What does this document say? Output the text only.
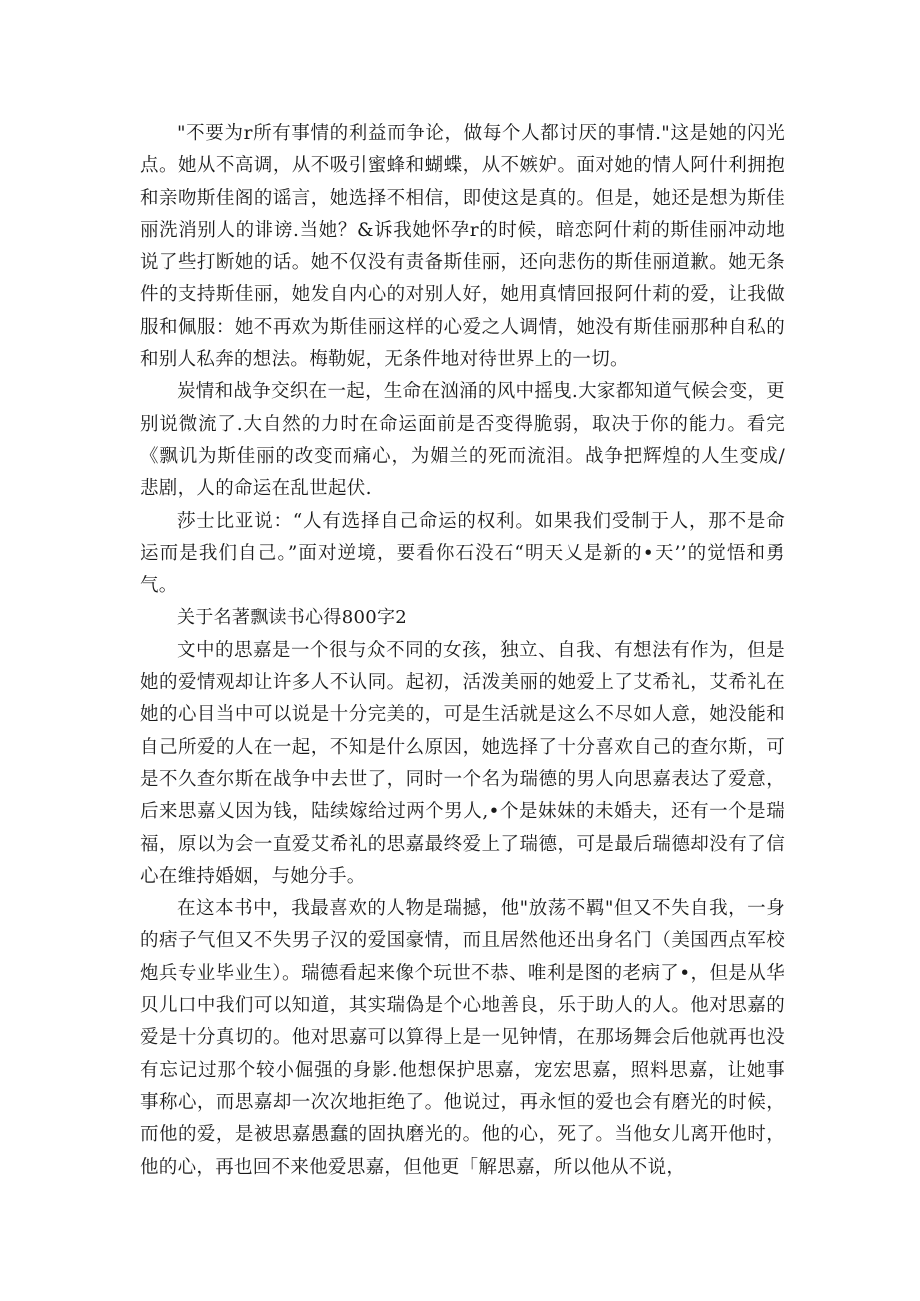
"不要为r所有事情的利益而争论，做每个人都讨厌的事情."这是她的闪光点。她从不高调，从不吸引蜜蜂和蝴蝶，从不嫉妒。面对她的情人阿什利拥抱和亲吻斯佳阁的谣言，她选择不相信，即使这是真的。但是，她还是想为斯佳丽洗消别人的诽谤.当她？&诉我她怀孕r的时候，暗恋阿什莉的斯佳丽冲动地说了些打断她的话。她不仅没有责备斯佳丽，还向悲伤的斯佳丽道歉。她无条件的支持斯佳丽，她发自内心的对别人好，她用真情回报阿什莉的爱，让我做服和佩服：她不再欢为斯佳丽这样的心爱之人调情，她没有斯佳丽那种自私的和别人私奔的想法。梅勒妮，无条件地对待世界上的一切。

炭情和战争交织在一起，生命在汹涌的风中摇曳.大家都知道气候会变，更别说微流了.大自然的力时在命运面前是否变得脆弱，取决于你的能力。看完《飘讥为斯佳丽的改变而痛心，为媚兰的死而流泪。战争把辉煌的人生变成/悲剧，人的命运在乱世起伏.

莎士比亚说：“人有选择自己命运的权利。如果我们受制于人，那不是命运而是我们自己。”面对逆境，要看你石没石“明天乂是新的•天’’的觉悟和勇气。

关于名著飘读书心得800字2

文中的思嘉是一个很与众不同的女孩，独立、自我、有想法有作为，但是她的爱情观却让许多人不认同。起初，活泼美丽的她爱上了艾希礼，艾希礼在她的心目当中可以说是十分完美的，可是生活就是这么不尽如人意，她没能和自己所爱的人在一起，不知是什么原因，她选择了十分喜欢自己的查尔斯，可是不久查尔斯在战争中去世了，同时一个名为瑞德的男人向思嘉表达了爱意，后来思嘉乂因为钱，陆续嫁给过两个男人,•个是妹妹的未婚夫，还有一个是瑞福，原以为会一直爱艾希礼的思嘉最终爱上了瑞德，可是最后瑞德却没有了信心在维持婚姻，与她分手。

在这本书中，我最喜欢的人物是瑞撼，他"放荡不羁"但又不失自我，一身的痞子气但又不失男子汉的爱国豪情，而且居然他还出身名门（美国西点军校炮兵专业毕业生）。瑞德看起来像个玩世不恭、唯利是图的老病了•，但是从华贝儿口中我们可以知道，其实瑞偽是个心地善良，乐于助人的人。他对思嘉的爱是十分真切的。他对思嘉可以算得上是一见钟情，在那场舞会后他就再也没有忘记过那个较小倔强的身影.他想保护思嘉，宠宏思嘉，照料思嘉，让她事事称心，而思嘉却一次次地拒绝了。他说过，再永恒的爱也会有磨光的时候，而他的爱，是被思嘉愚蠢的固执磨光的。他的心，死了。当他女儿离开他时，他的心，再也回不来他爱思嘉，但他更「解思嘉，所以他从不说，
